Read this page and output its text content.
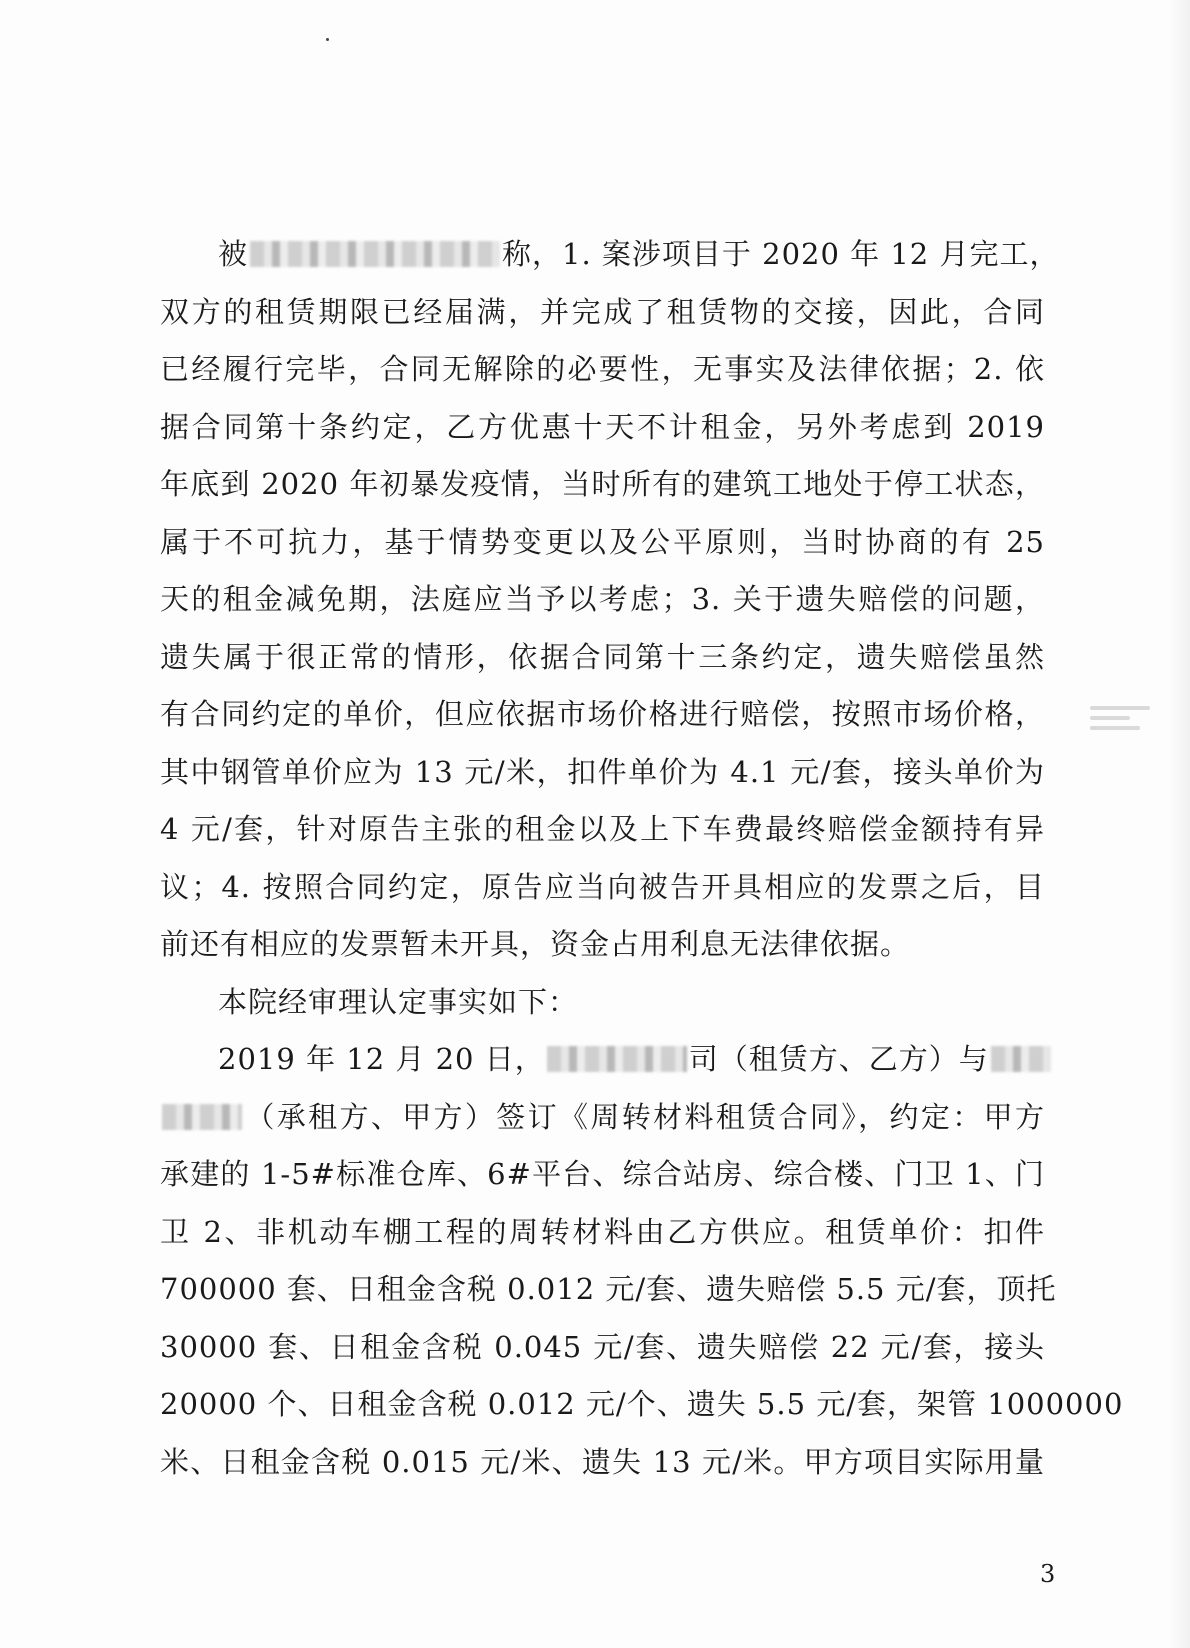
被	称，1. 案涉项目于 2020 年 12 月完工，
双方的租赁期限已经届满，并完成了租赁物的交接，因此，合同
已经履行完毕，合同无解除的必要性，无事实及法律依据；2. 依
据合同第十条约定，乙方优惠十天不计租金，另外考虑到 2019
年底到 2020 年初暴发疫情，当时所有的建筑工地处于停工状态，
属于不可抗力，基于情势变更以及公平原则，当时协商的有 25
天的租金减免期，法庭应当予以考虑；3. 关于遗失赔偿的问题，
遗失属于很正常的情形，依据合同第十三条约定，遗失赔偿虽然
有合同约定的单价，但应依据市场价格进行赔偿，按照市场价格，
其中钢管单价应为 13 元/米，扣件单价为 4.1 元/套，接头单价为
4 元/套，针对原告主张的租金以及上下车费最终赔偿金额持有异
议；4. 按照合同约定，原告应当向被告开具相应的发票之后，目
前还有相应的发票暂未开具，资金占用利息无法律依据。
本院经审理认定事实如下：
2019 年 12 月 20 日，	司（租赁方、乙方）与
（承租方、甲方）签订《周转材料租赁合同》，约定：甲方
承建的 1-5#标准仓库、6#平台、综合站房、综合楼、门卫 1、门
卫 2、非机动车棚工程的周转材料由乙方供应。租赁单价：扣件
700000 套、日租金含税 0.012 元/套、遗失赔偿 5.5 元/套，顶托
30000 套、日租金含税 0.045 元/套、遗失赔偿 22 元/套，接头
20000 个、日租金含税 0.012 元/个、遗失 5.5 元/套，架管 1000000
米、日租金含税 0.015 元/米、遗失 13 元/米。甲方项目实际用量
3
